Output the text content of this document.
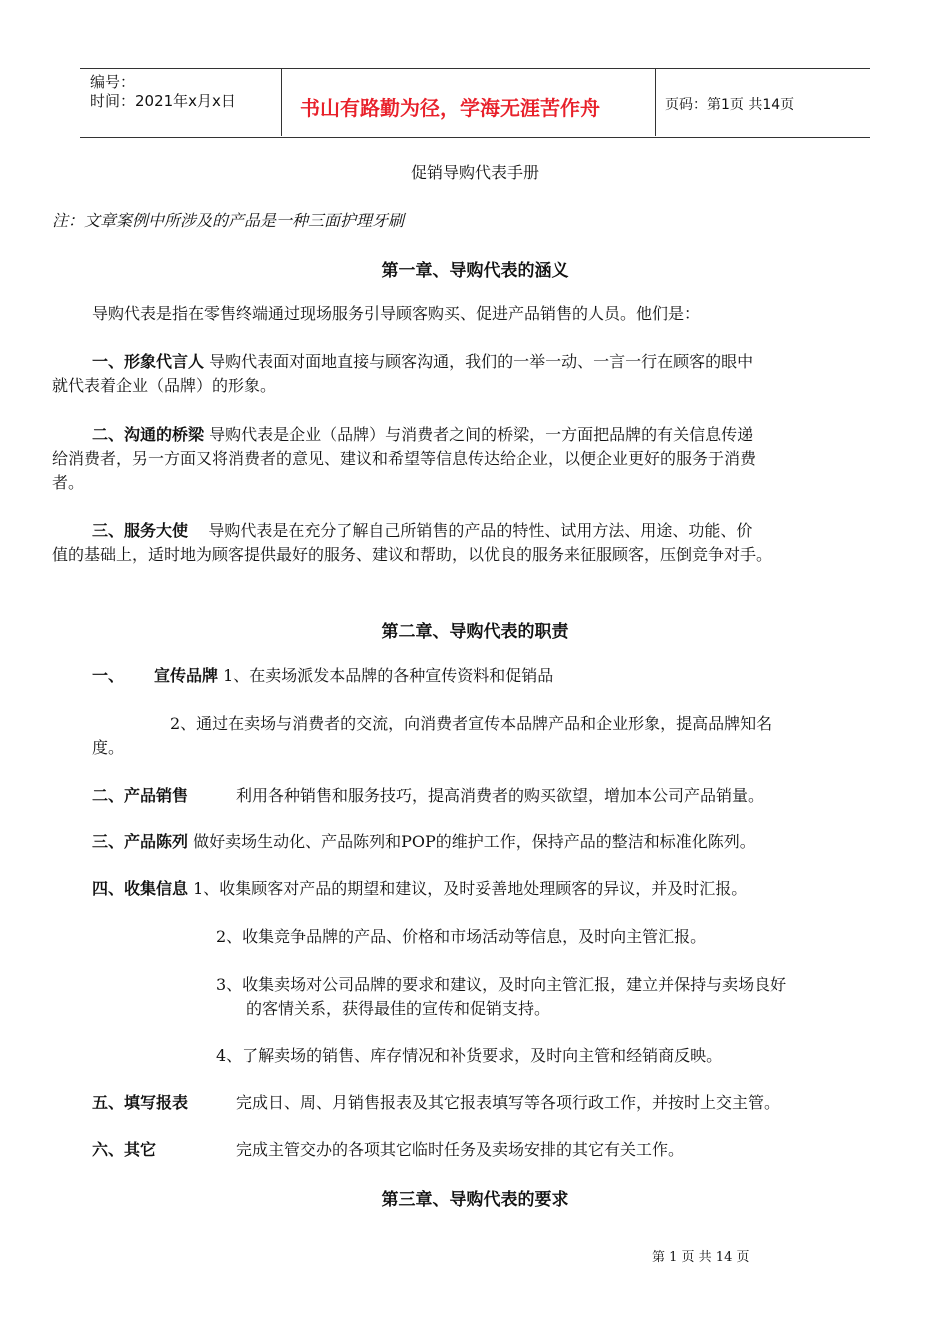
编号：
时间：2021年x月x日	书山有路勤为径，学海无涯苦作舟	页码：第1页 共14页
促销导购代表手册
注：文章案例中所涉及的产品是一种三面护理牙刷
第一章、导购代表的涵义
导购代表是指在零售终端通过现场服务引导顾客购买、促进产品销售的人员。他们是：
一、形象代言人 导购代表面对面地直接与顾客沟通，我们的一举一动、一言一行在顾客的眼中
就代表着企业（品牌）的形象。
二、沟通的桥梁 导购代表是企业（品牌）与消费者之间的桥梁，一方面把品牌的有关信息传递
给消费者，另一方面又将消费者的意见、建议和希望等信息传达给企业，以便企业更好的服务于消费
者。
三、服务大使    导购代表是在充分了解自己所销售的产品的特性、试用方法、用途、功能、价
值的基础上，适时地为顾客提供最好的服务、建议和帮助，以优良的服务来征服顾客，压倒竞争对手。
第二章、导购代表的职责
一、 宣传品牌 1、在卖场派发本品牌的各种宣传资料和促销品
2、通过在卖场与消费者的交流，向消费者宣传本品牌产品和企业形象，提高品牌知名
度。
二、产品销售	利用各种销售和服务技巧，提高消费者的购买欲望，增加本公司产品销量。
三、产品陈列 做好卖场生动化、产品陈列和POP的维护工作，保持产品的整洁和标准化陈列。
四、收集信息 1、收集顾客对产品的期望和建议，及时妥善地处理顾客的异议，并及时汇报。
2、收集竞争品牌的产品、价格和市场活动等信息，及时向主管汇报。
3、收集卖场对公司品牌的要求和建议，及时向主管汇报，建立并保持与卖场良好
的客情关系，获得最佳的宣传和促销支持。
4、了解卖场的销售、库存情况和补货要求，及时向主管和经销商反映。
五、填写报表	完成日、周、月销售报表及其它报表填写等各项行政工作，并按时上交主管。
六、其它	完成主管交办的各项其它临时任务及卖场安排的其它有关工作。
第三章、导购代表的要求
第 1 页 共 14 页
